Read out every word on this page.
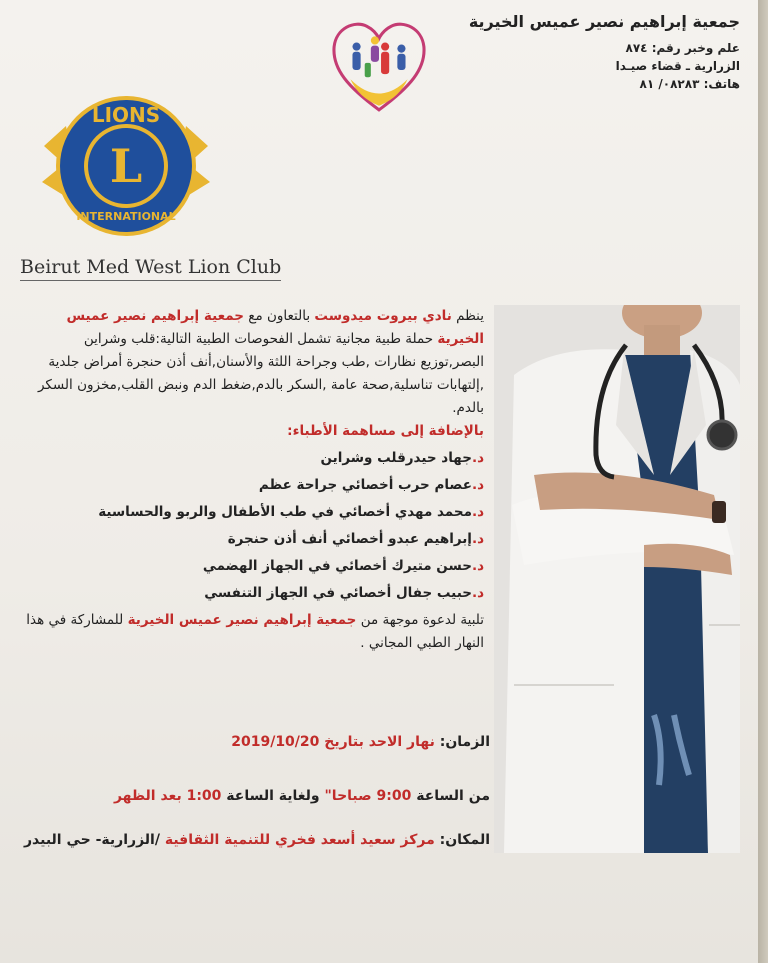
جمعية إبراهيم نصير عميس الخيرية
علم وخبر رقم: ٨٧٤
الزرارية ـ قضاء صيـدا
هاتف: ٠٨٢٨٣/ ٨١
LIONS
L
INTERNATIONAL
Beirut Med West Lion Club
ينظم نادي بيروت ميدوست بالتعاون مع جمعية إبراهيم نصير عميس الخيرية حملة طبية مجانية تشمل الفحوصات الطبية التالية:قلب وشراين البصر,توزيع نظارات ,طب وجراحة اللثة والأسنان,أنف أذن حنجرة أمراض جلدية ,إلتهابات تناسلية,صحة عامة ,السكر بالدم,ضغط الدم ونبض القلب,مخزون السكر بالدم.
بالإضافة إلى مساهمة الأطباء:
د.جهاد حيدرقلب وشراين
د.عصام حرب أخصائي جراحة عظم
د.محمد مهدي أخصائي في طب الأطفال والربو والحساسية
د.إبراهيم عبدو أخصائي أنف أذن حنجرة
د.حسن متيرك أخصائي في الجهاز الهضمي
د.حبيب جفال أخصائي في الجهاز التنفسي
تلبية لدعوة موجهة من جمعية إبراهيم نصير عميس الخيرية للمشاركة في هذا النهار الطبي المجاني .
الزمان: نهار الاحد بتاريخ 2019/10/20
من الساعة 9:00 صباحا" ولغاية الساعة 1:00 بعد الظهر
المكان: مركز سعيد أسعد فخري للتنمية الثقافية /الزرارية- حي البيدر
